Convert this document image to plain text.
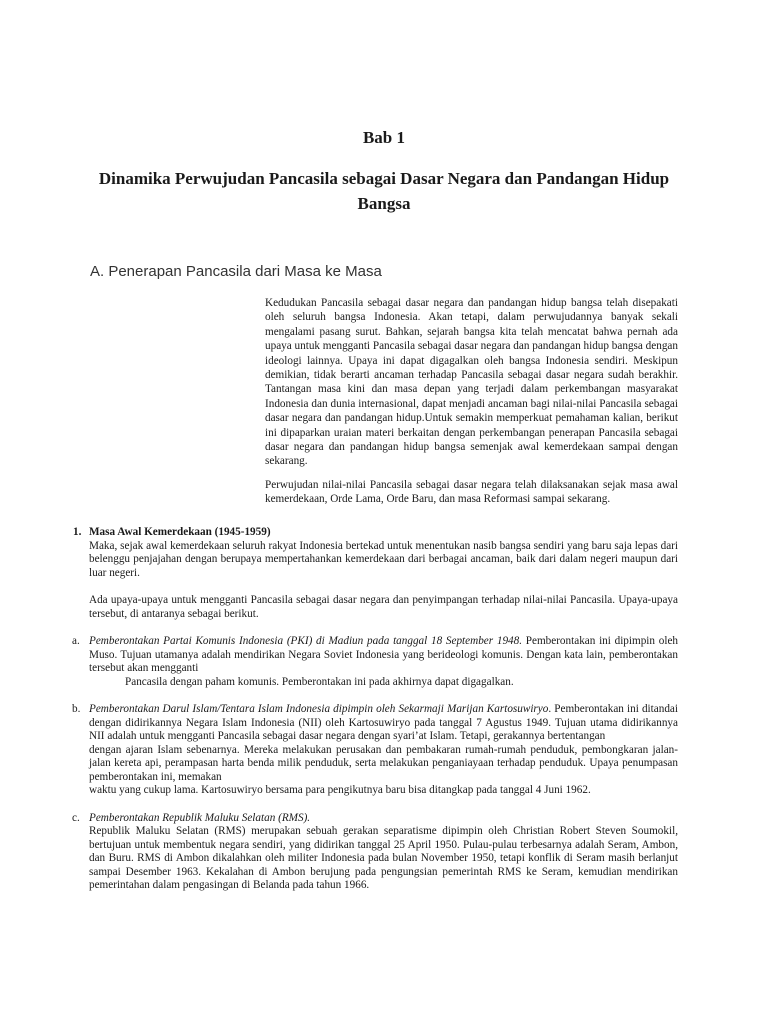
Bab 1
Dinamika Perwujudan Pancasila sebagai Dasar Negara dan Pandangan Hidup Bangsa
A. Penerapan Pancasila dari Masa ke Masa

Kedudukan Pancasila sebagai dasar negara dan pandangan hidup bangsa telah disepakati oleh seluruh bangsa Indonesia. Akan tetapi, dalam perwujudannya banyak sekali mengalami pasang surut. Bahkan, sejarah bangsa kita telah mencatat bahwa pernah ada upaya untuk mengganti Pancasila sebagai dasar negara dan pandangan hidup bangsa dengan ideologi lainnya. Upaya ini dapat digagalkan oleh bangsa Indonesia sendiri. Meskipun demikian, tidak berarti ancaman terhadap Pancasila sebagai dasar negara sudah berakhir. Tantangan masa kini dan masa depan yang terjadi dalam perkembangan masyarakat Indonesia dan dunia internasional, dapat menjadi ancaman bagi nilai-nilai Pancasila sebagai dasar negara dan pandangan hidup.Untuk semakin memperkuat pemahaman kalian, berikut ini dipaparkan uraian materi berkaitan dengan perkembangan penerapan Pancasila sebagai dasar negara dan pandangan hidup bangsa semenjak awal kemerdekaan sampai dengan sekarang.

Perwujudan nilai-nilai Pancasila sebagai dasar negara telah dilaksanakan sejak masa awal kemerdekaan, Orde Lama, Orde Baru, dan masa Reformasi sampai sekarang.

1. Masa Awal Kemerdekaan (1945-1959)

Maka, sejak awal kemerdekaan seluruh rakyat Indonesia bertekad untuk menentukan nasib bangsa sendiri yang baru saja lepas dari belenggu penjajahan dengan berupaya mempertahankan kemerdekaan dari berbagai ancaman, baik dari dalam negeri maupun dari luar negeri.

Ada upaya-upaya untuk mengganti Pancasila sebagai dasar negara dan penyimpangan terhadap nilai-nilai Pancasila. Upaya-upaya tersebut, di antaranya sebagai berikut.

a. Pemberontakan Partai Komunis Indonesia (PKI) di Madiun pada tanggal 18 September 1948. Pemberontakan ini dipimpin oleh Muso. Tujuan utamanya adalah mendirikan Negara Soviet Indonesia yang berideologi komunis. Dengan kata lain, pemberontakan tersebut akan mengganti

Pancasila dengan paham komunis. Pemberontakan ini pada akhirnya dapat digagalkan.

b. Pemberontakan Darul Islam/Tentara Islam Indonesia dipimpin oleh Sekarmaji Marijan Kartosuwiryo. Pemberontakan ini ditandai dengan didirikannya Negara Islam Indonesia (NII) oleh Kartosuwiryo pada tanggal 7 Agustus 1949. Tujuan utama didirikannya NII adalah untuk mengganti Pancasila sebagai dasar negara dengan syari’at Islam. Tetapi, gerakannya bertentangan

dengan ajaran Islam sebenarnya. Mereka melakukan perusakan dan pembakaran rumah-rumah penduduk, pembongkaran jalan-jalan kereta api, perampasan harta benda milik penduduk, serta melakukan penganiayaan terhadap penduduk. Upaya penumpasan pemberontakan ini, memakan

waktu yang cukup lama. Kartosuwiryo bersama para pengikutnya baru bisa ditangkap pada tanggal 4 Juni 1962.

c. Pemberontakan Republik Maluku Selatan (RMS).

Republik Maluku Selatan (RMS) merupakan sebuah gerakan separatisme dipimpin oleh Christian Robert Steven Soumokil, bertujuan untuk membentuk negara sendiri, yang didirikan tanggal 25 April 1950. Pulau-pulau terbesarnya adalah Seram, Ambon, dan Buru. RMS di Ambon dikalahkan oleh militer Indonesia pada bulan November 1950, tetapi konflik di Seram masih berlanjut sampai Desember 1963. Kekalahan di Ambon berujung pada pengungsian pemerintah RMS ke Seram, kemudian mendirikan pemerintahan dalam pengasingan di Belanda pada tahun 1966.
